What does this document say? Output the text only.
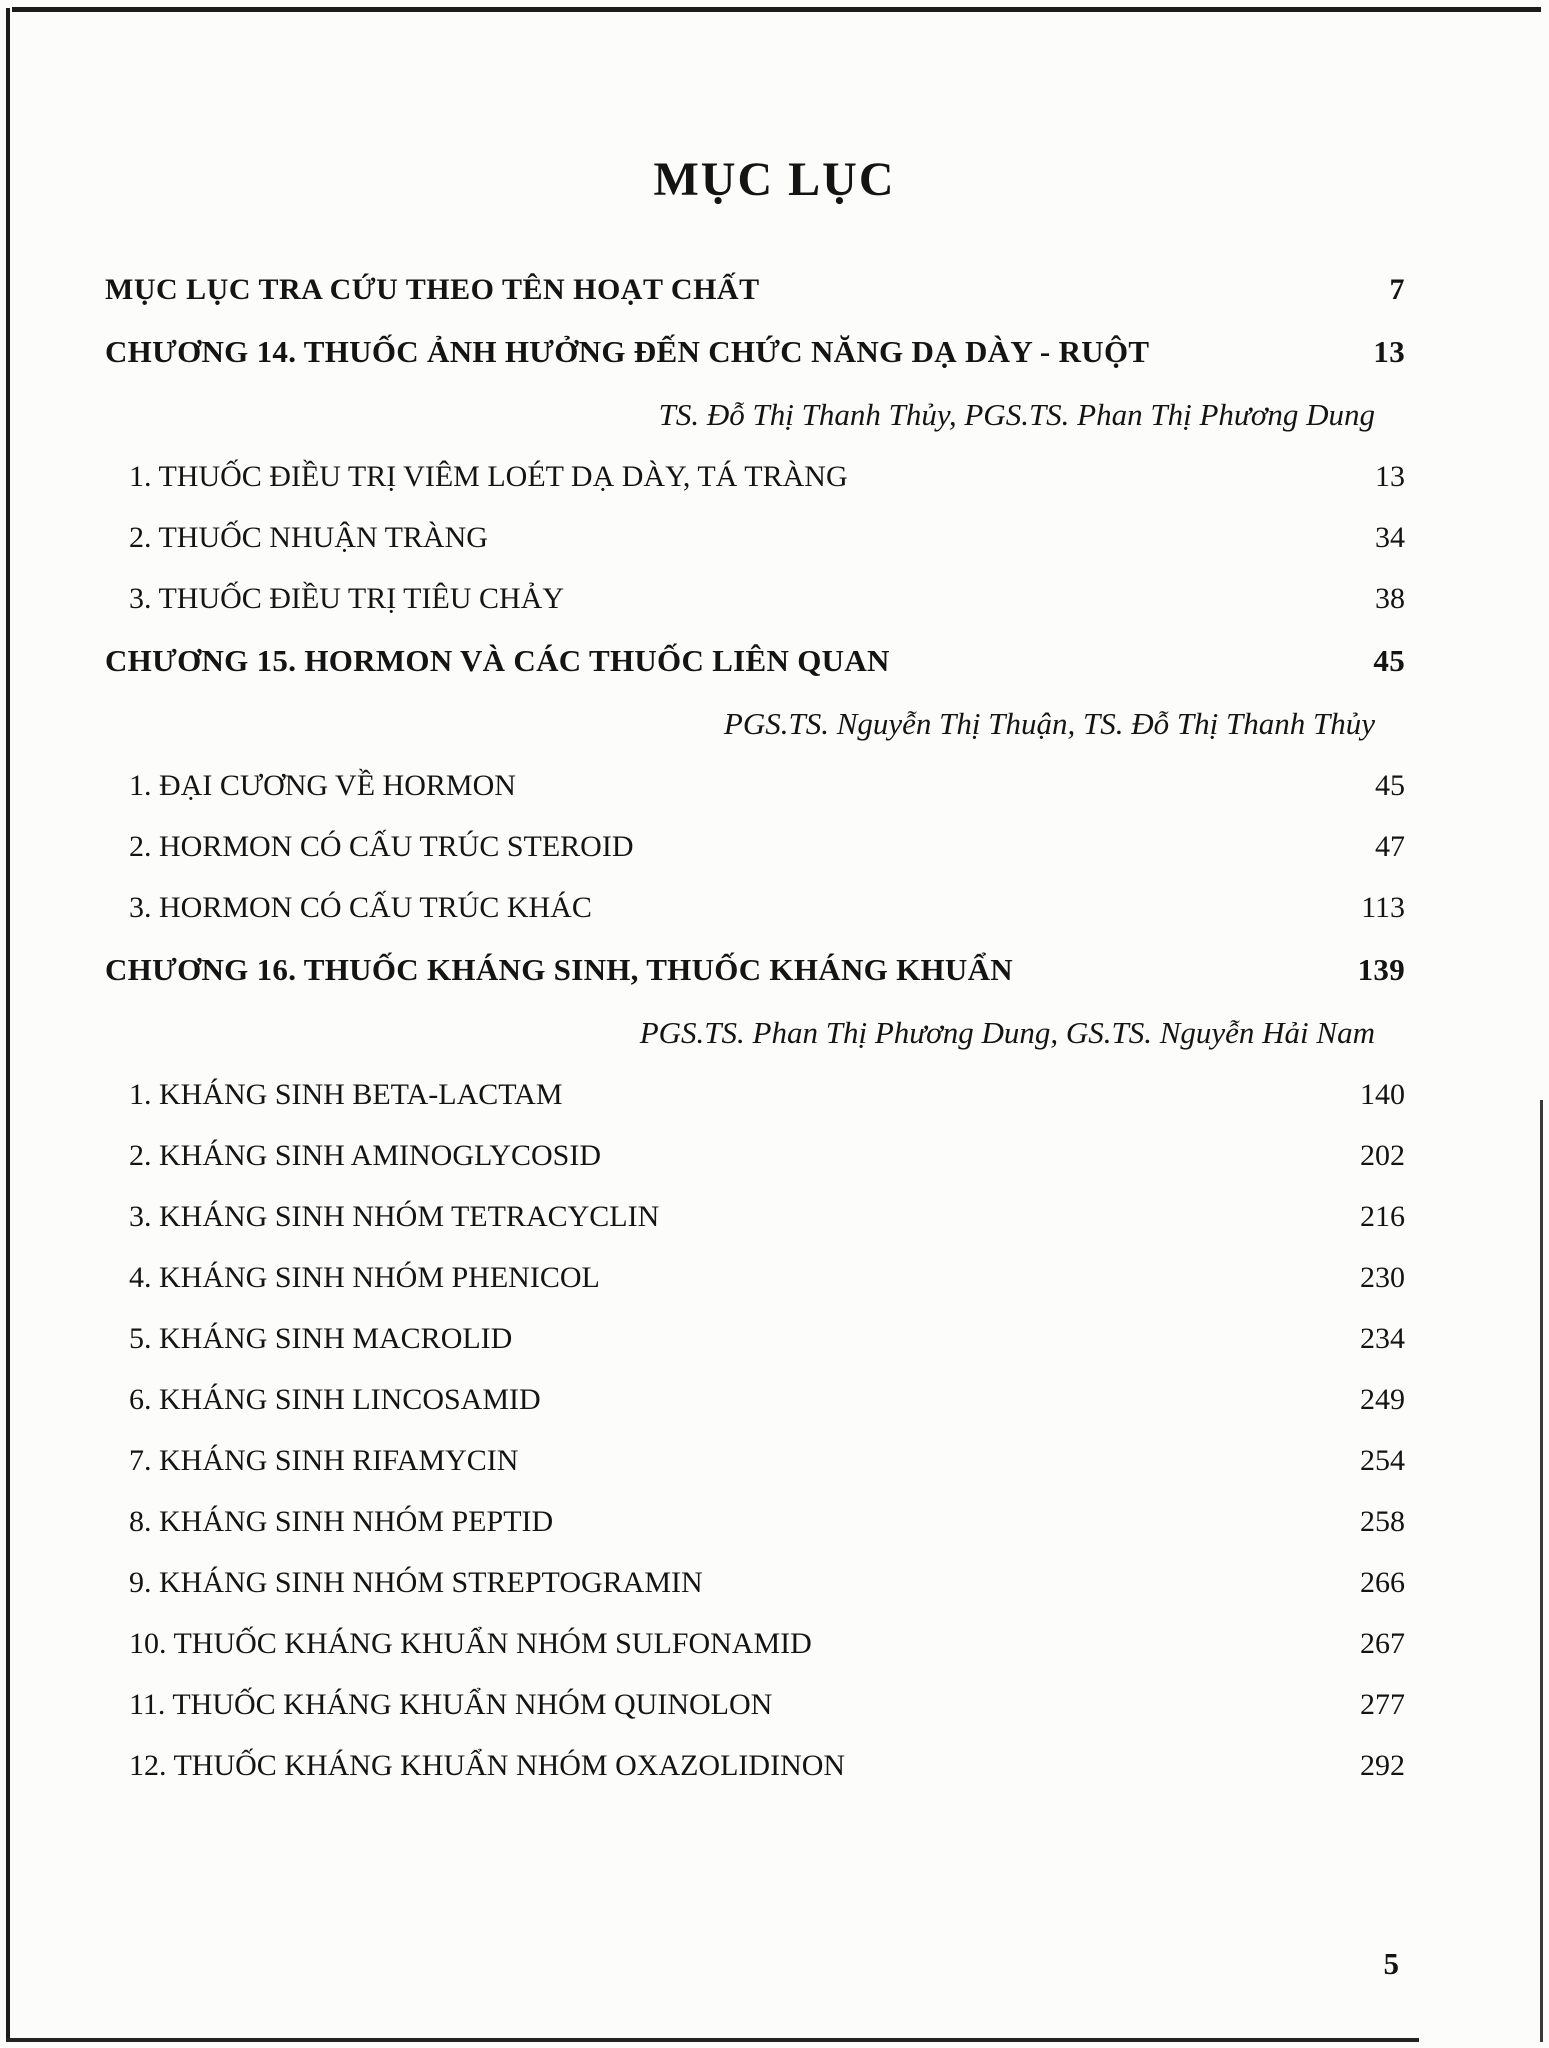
MỤC LỤC
MỤC LỤC TRA CỨU THEO TÊN HOẠT CHẤT	7
CHƯƠNG 14. THUỐC ẢNH HƯỞNG ĐẾN CHỨC NĂNG DẠ DÀY - RUỘT	13
TS. Đỗ Thị Thanh Thủy, PGS.TS. Phan Thị Phương Dung
1. THUỐC ĐIỀU TRỊ VIÊM LOÉT DẠ DÀY, TÁ TRÀNG	13
2. THUỐC NHUẬN TRÀNG	34
3. THUỐC ĐIỀU TRỊ TIÊU CHẢY	38
CHƯƠNG 15. HORMON VÀ CÁC THUỐC LIÊN QUAN	45
PGS.TS. Nguyễn Thị Thuận, TS. Đỗ Thị Thanh Thủy
1. ĐẠI CƯƠNG VỀ HORMON	45
2. HORMON CÓ CẤU TRÚC STEROID	47
3. HORMON CÓ CẤU TRÚC KHÁC	113
CHƯƠNG 16. THUỐC KHÁNG SINH, THUỐC KHÁNG KHUẨN	139
PGS.TS. Phan Thị Phương Dung, GS.TS. Nguyễn Hải Nam
1. KHÁNG SINH BETA-LACTAM	140
2. KHÁNG SINH AMINOGLYCOSID	202
3. KHÁNG SINH NHÓM TETRACYCLIN	216
4. KHÁNG SINH NHÓM PHENICOL	230
5. KHÁNG SINH MACROLID	234
6. KHÁNG SINH LINCOSAMID	249
7. KHÁNG SINH RIFAMYCIN	254
8. KHÁNG SINH NHÓM PEPTID	258
9. KHÁNG SINH NHÓM STREPTOGRAMIN	266
10. THUỐC KHÁNG KHUẨN NHÓM SULFONAMID	267
11. THUỐC KHÁNG KHUẨN NHÓM QUINOLON	277
12. THUỐC KHÁNG KHUẨN NHÓM OXAZOLIDINON	292
5
